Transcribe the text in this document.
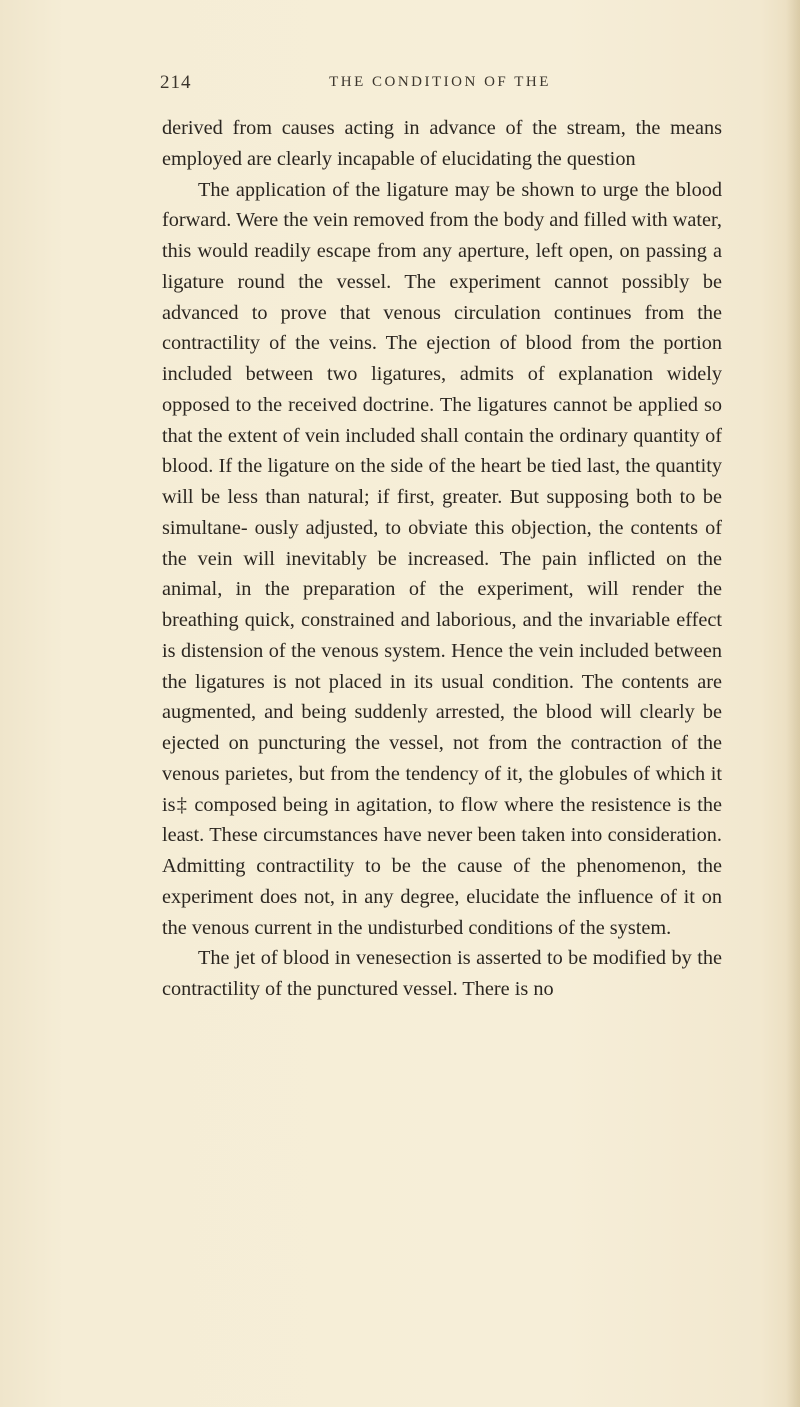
214	THE CONDITION OF THE

derived from causes acting in advance of the stream, the means employed are clearly incapable of elucidating the question

The application of the ligature may be shown to urge the blood forward. Were the vein removed from the body and filled with water, this would readily escape from any aperture, left open, on passing a ligature round the vessel. The experiment cannot possibly be advanced to prove that venous circulation continues from the contractility of the veins. The ejection of blood from the portion included between two ligatures, admits of explanation widely opposed to the received doctrine. The ligatures cannot be applied so that the extent of vein included shall contain the ordinary quantity of blood. If the ligature on the side of the heart be tied last, the quantity will be less than natural; if first, greater. But supposing both to be simultane- ously adjusted, to obviate this objection, the contents of the vein will inevitably be increased. The pain inflicted on the animal, in the preparation of the experiment, will render the breathing quick, constrained and laborious, and the invariable effect is distension of the venous system. Hence the vein included between the ligatures is not placed in its usual condition. The contents are augmented, and being suddenly arrested, the blood will clearly be ejected on puncturing the vessel, not from the contraction of the venous parietes, but from the tendency of it, the globules of which it is‡ composed being in agitation, to flow where the resistence is the least. These circumstances have never been taken into consideration. Admitting contractility to be the cause of the phenomenon, the experiment does not, in any degree, elucidate the influence of it on the venous current in the undisturbed conditions of the system.

The jet of blood in venesection is asserted to be modified by the contractility of the punctured vessel. There is no
